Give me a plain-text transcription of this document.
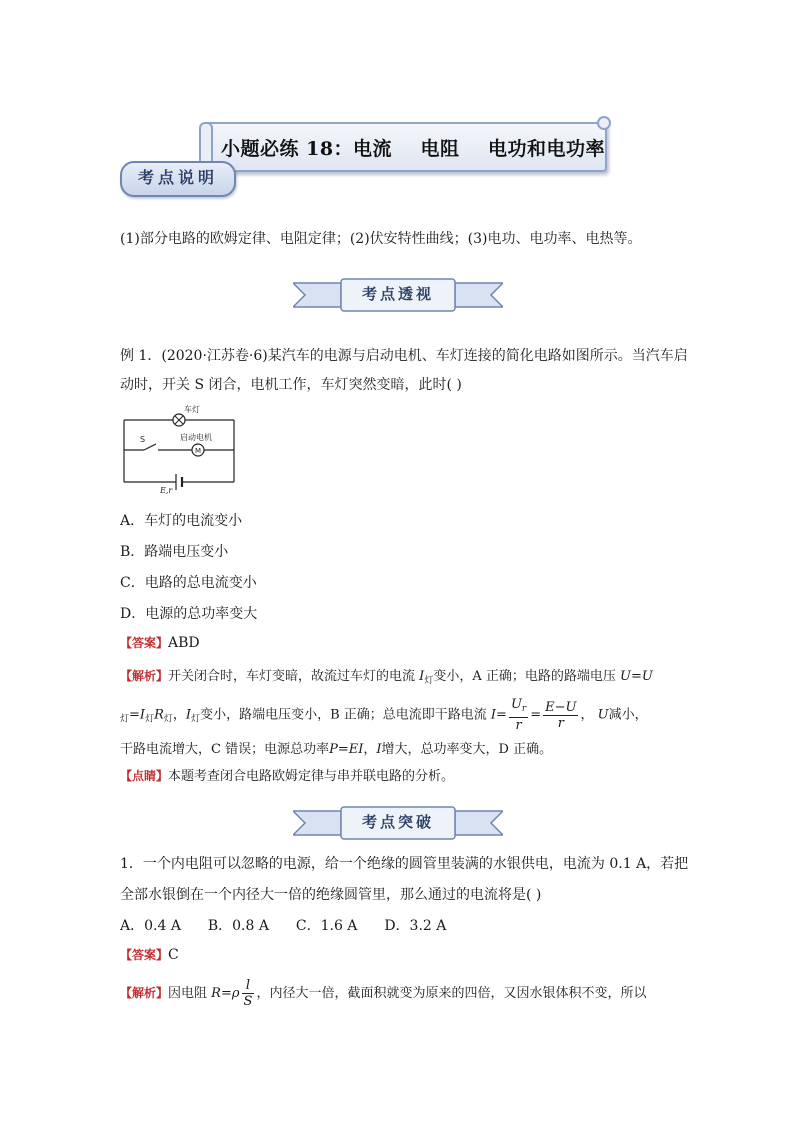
小题必练 18：电流    电阻    电功和电功率
考点说明
(1)部分电路的欧姆定律、电阻定律；(2)伏安特性曲线；(3)电功、电功率、电热等。
考点透视
例 1．(2020·江苏卷·6)某汽车的电源与启动电机、车灯连接的简化电路如图所示。当汽车启
动时，开关 S 闭合，电机工作，车灯突然变暗，此时( )
车灯
S	启动电机
M
E,r
A．车灯的电流变小
B．路端电压变小
C．电路的总电流变小
D．电源的总功率变大
【答案】ABD
【解析】开关闭合时，车灯变暗，故流过车灯的电流 $I_灯$变小，A 正确；电路的路端电压 U=U
$_灯=I_灯R_灯$，$I_灯$变小，路端电压变小，B 正确；总电流即干路电流 $I= \frac{U_r}{r} = \frac{E-U}{r}$ ， U减小，
干路电流增大，C 错误；电源总功率P=EI，I增大，总功率变大，D 正确。
【点睛】本题考查闭合电路欧姆定律与串并联电路的分析。
考点突破
1．一个内电阻可以忽略的电源，给一个绝缘的圆管里装满的水银供电，电流为 0.1 A，若把
全部水银倒在一个内径大一倍的绝缘圆管里，那么通过的电流将是( )
A．0.4 A B．0.8 A C．1.6 A D．3.2 A
【答案】C
【解析】因电阻 $R=\rho \frac{l}{S}$ ，内径大一倍，截面积就变为原来的四倍，又因水银体积不变，所以
